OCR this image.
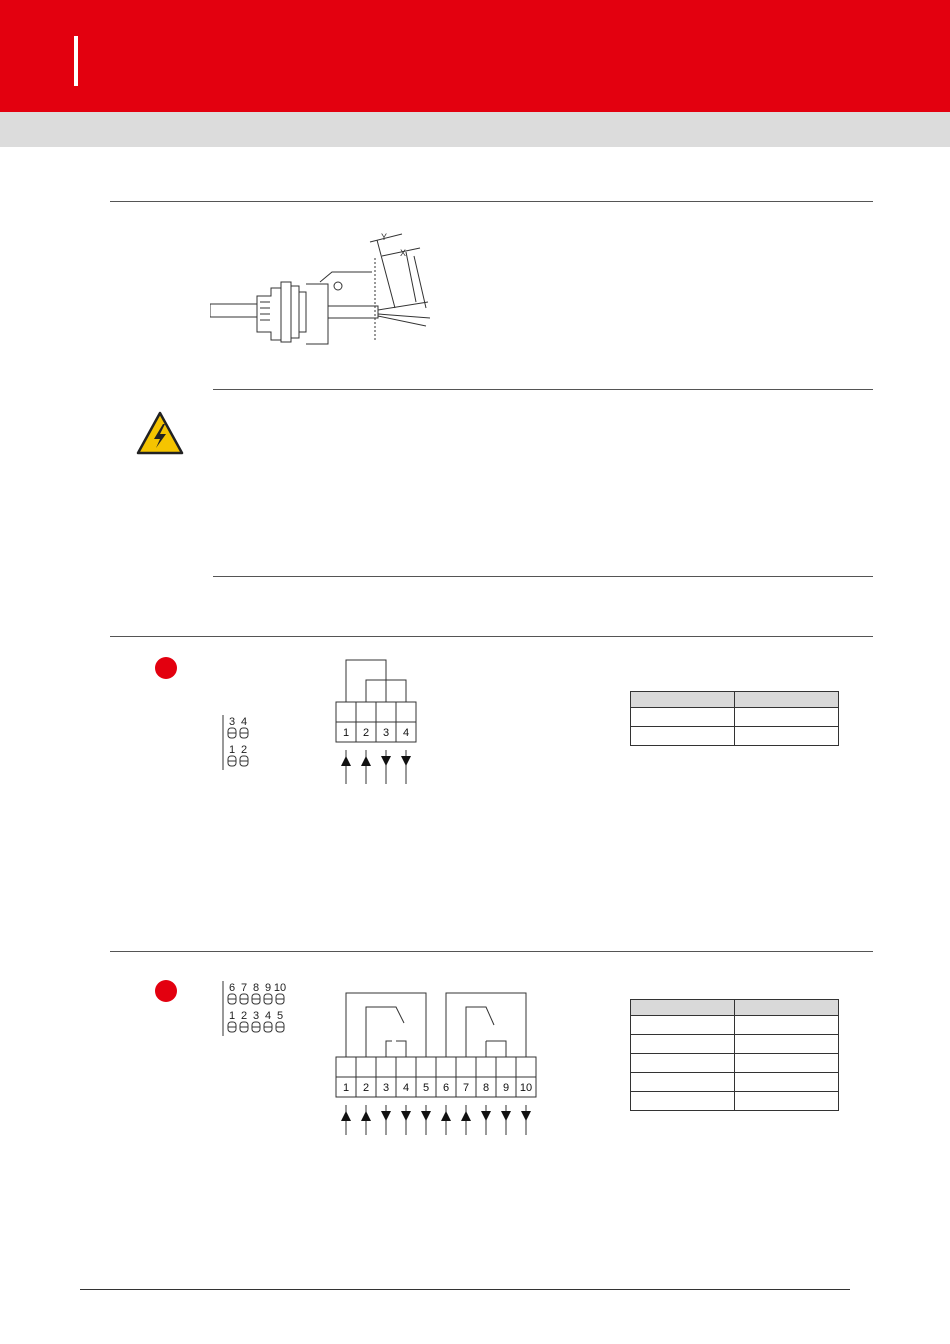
Y
X
3 4
1 2
1 2 3 4

6 7 8 9 10
1 2 3 4 5
1 2 3 4 5 6 7 8 9 10
